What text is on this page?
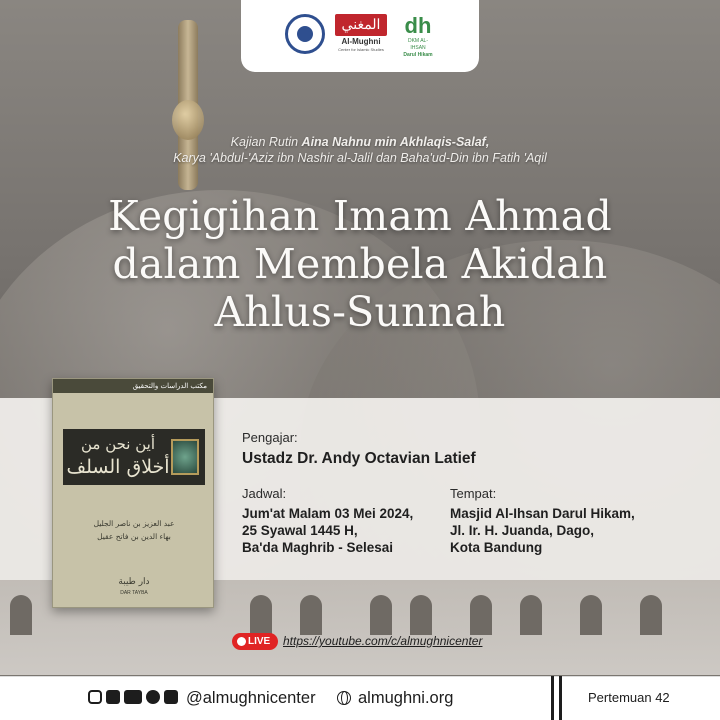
المغني
Al-Mughni
Center for Islamic Studies
dh
DKM AL-IHSAN
Darul Hikam
Kajian Rutin Aina Nahnu min Akhlaqis-Salaf,
Karya 'Abdul-'Aziz ibn Nashir al-Jalil dan Baha'ud-Din ibn Fatih 'Aqil
Kegigihan Imam Ahmad
dalam Membela Akidah
Ahlus-Sunnah
مكتب الدراسات والتحقيق
أين نحن من
أخلاق السلف
عبد العزيز بن ناصر الجليل
بهاء الدين بن فاتح عقيل
دار طيبة
DAR TAYBA
Pengajar:
Ustadz Dr. Andy Octavian Latief
Jadwal:
Jum'at Malam 03 Mei 2024,
25 Syawal 1445 H,
Ba'da Maghrib - Selesai
Tempat:
Masjid Al-Ihsan Darul Hikam,
Jl. Ir. H. Juanda, Dago,
Kota Bandung
LIVE	https://youtube.com/c/almughnicenter
@almughnicenter	almughni.org	Pertemuan 42
